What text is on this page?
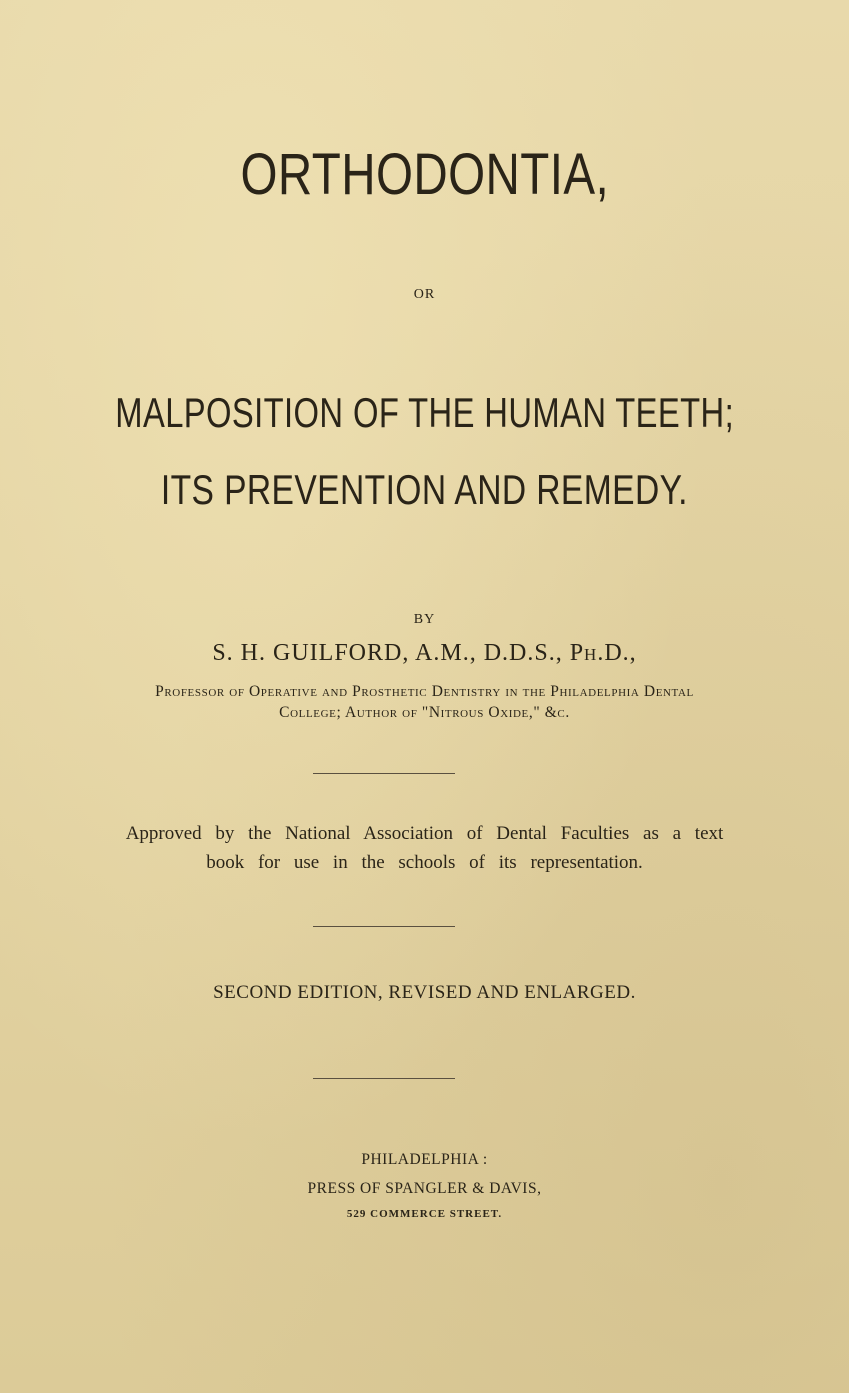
ORTHODONTIA,
OR
MALPOSITION OF THE HUMAN TEETH;
ITS PREVENTION AND REMEDY.
BY
S. H. GUILFORD, A.M., D.D.S., Ph.D.,
Professor of Operative and Prosthetic Dentistry in the Philadelphia Dental
College; Author of "Nitrous Oxide," &c.
Approved by the National Association of Dental Faculties as a text
book for use in the schools of its representation.
SECOND EDITION, REVISED AND ENLARGED.
PHILADELPHIA :
PRESS OF SPANGLER & DAVIS,
529 COMMERCE STREET.
